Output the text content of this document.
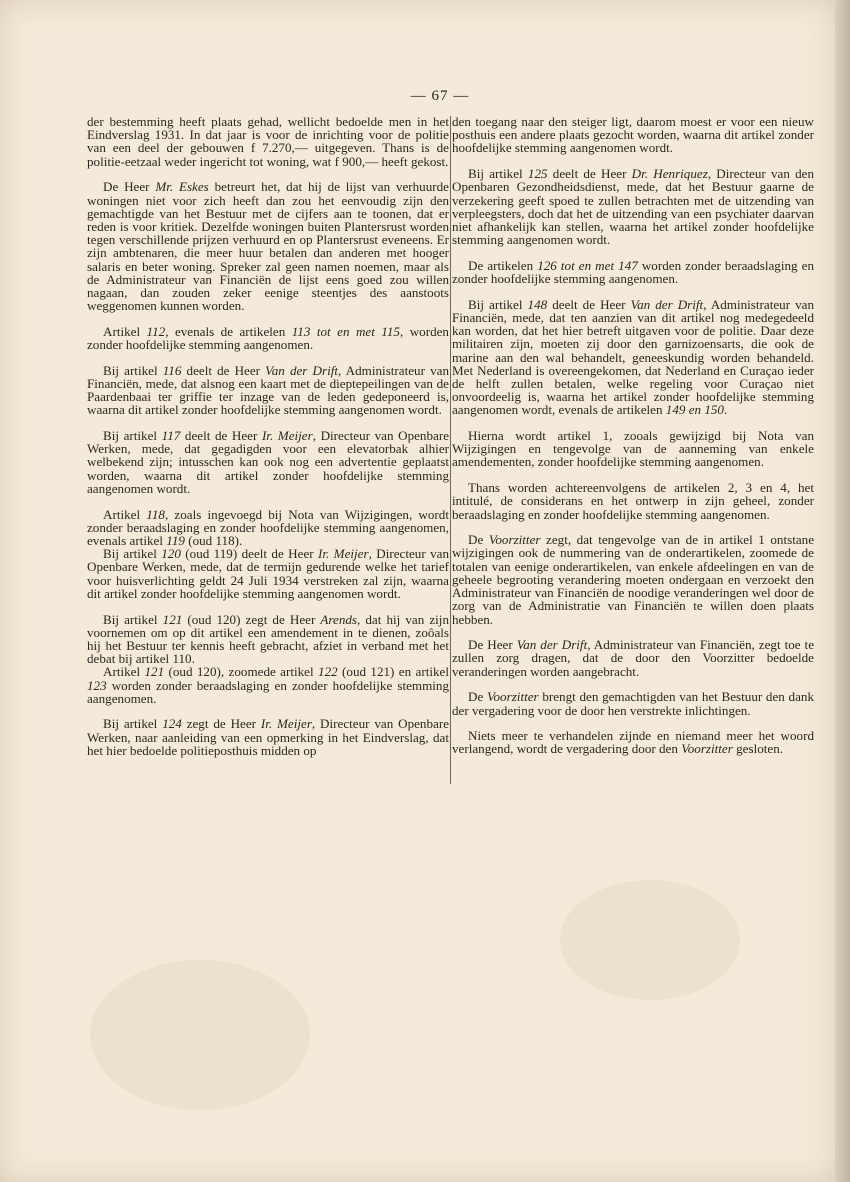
— 67 —

der bestemming heeft plaats gehad, wellicht bedoelde men in het Eindverslag 1931. In dat jaar is voor de inrichting voor de politie van een deel der gebouwen f 7.270,— uitgegeven. Thans is de politie-eetzaal weder ingericht tot woning, wat f 900,— heeft gekost.

De Heer Mr. Eskes betreurt het, dat hij de lijst van verhuurde woningen niet voor zich heeft dan zou het eenvoudig zijn den gemachtigde van het Bestuur met de cijfers aan te toonen, dat er reden is voor kritiek. Dezelfde woningen buiten Plantersrust worden tegen verschillende prijzen verhuurd en op Plantersrust eveneens. Er zijn ambtenaren, die meer huur betalen dan anderen met hooger salaris en beter woning. Spreker zal geen namen noemen, maar als de Administrateur van Financiën de lijst eens goed zou willen nagaan, dan zouden zeker eenige steentjes des aanstoots weggenomen kunnen worden.

Artikel 112, evenals de artikelen 113 tot en met 115, worden zonder hoofdelijke stemming aangenomen.

Bij artikel 116 deelt de Heer Van der Drift, Administrateur van Financiën, mede, dat alsnog een kaart met de dieptepeilingen van de Paardenbaai ter griffie ter inzage van de leden gedeponeerd is, waarna dit artikel zonder hoofdelijke stemming aangenomen wordt.

Bij artikel 117 deelt de Heer Ir. Meijer, Directeur van Openbare Werken, mede, dat gegadigden voor een elevatorbak alhier welbekend zijn; intusschen kan ook nog een advertentie geplaatst worden, waarna dit artikel zonder hoofdelijke stemming aangenomen wordt.

Artikel 118, zoals ingevoegd bij Nota van Wijzigingen, wordt zonder beraadslaging en zonder hoofdelijke stemming aangenomen, evenals artikel 119 (oud 118).

Bij artikel 120 (oud 119) deelt de Heer Ir. Meijer, Directeur van Openbare Werken, mede, dat de termijn gedurende welke het tarief voor huisverlichting geldt 24 Juli 1934 verstreken zal zijn, waarna dit artikel zonder hoofdelijke stemming aangenomen wordt.

Bij artikel 121 (oud 120) zegt de Heer Arends, dat hij van zijn voornemen om op dit artikel een amendement in te dienen, zoôals hij het Bestuur ter kennis heeft gebracht, afziet in verband met het debat bij artikel 110.

Artikel 121 (oud 120), zoomede artikel 122 (oud 121) en artikel 123 worden zonder beraadslaging en zonder hoofdelijke stemming aangenomen.

Bij artikel 124 zegt de Heer Ir. Meijer, Directeur van Openbare Werken, naar aanleiding van een opmerking in het Eindverslag, dat het hier bedoelde politieposthuis midden op

den toegang naar den steiger ligt, daarom moest er voor een nieuw posthuis een andere plaats gezocht worden, waarna dit artikel zonder hoofdelijke stemming aangenomen wordt.

Bij artikel 125 deelt de Heer Dr. Henriquez, Directeur van den Openbaren Gezondheidsdienst, mede, dat het Bestuur gaarne de verzekering geeft spoed te zullen betrachten met de uitzending van verpleegsters, doch dat het de uitzending van een psychiater daarvan niet afhankelijk kan stellen, waarna het artikel zonder hoofdelijke stemming aangenomen wordt.

De artikelen 126 tot en met 147 worden zonder beraadslaging en zonder hoofdelijke stemming aangenomen.

Bij artikel 148 deelt de Heer Van der Drift, Administrateur van Financiën, mede, dat ten aanzien van dit artikel nog medegedeeld kan worden, dat het hier betreft uitgaven voor de politie. Daar deze militairen zijn, moeten zij door den garnizoensarts, die ook de marine aan den wal behandelt, geneeskundig worden behandeld. Met Nederland is overeengekomen, dat Nederland en Curaçao ieder de helft zullen betalen, welke regeling voor Curaçao niet onvoordeelig is, waarna het artikel zonder hoofdelijke stemming aangenomen wordt, evenals de artikelen 149 en 150.

Hierna wordt artikel 1, zooals gewijzigd bij Nota van Wijzigingen en tengevolge van de aanneming van enkele amendementen, zonder hoofdelijke stemming aangenomen.

Thans worden achtereenvolgens de artikelen 2, 3 en 4, het intitulé, de considerans en het ontwerp in zijn geheel, zonder beraadslaging en zonder hoofdelijke stemming aangenomen.

De Voorzitter zegt, dat tengevolge van de in artikel 1 ontstane wijzigingen ook de nummering van de onderartikelen, zoomede de totalen van eenige onderartikelen, van enkele afdeelingen en van de geheele begrooting verandering moeten ondergaan en verzoekt den Administrateur van Financiën de noodige veranderingen wel door de zorg van de Administratie van Financiën te willen doen plaats hebben.

De Heer Van der Drift, Administrateur van Financiën, zegt toe te zullen zorg dragen, dat de door den Voorzitter bedoelde veranderingen worden aangebracht.

De Voorzitter brengt den gemachtigden van het Bestuur den dank der vergadering voor de door hen verstrekte inlichtingen.

Niets meer te verhandelen zijnde en niemand meer het woord verlangend, wordt de vergadering door den Voorzitter gesloten.
